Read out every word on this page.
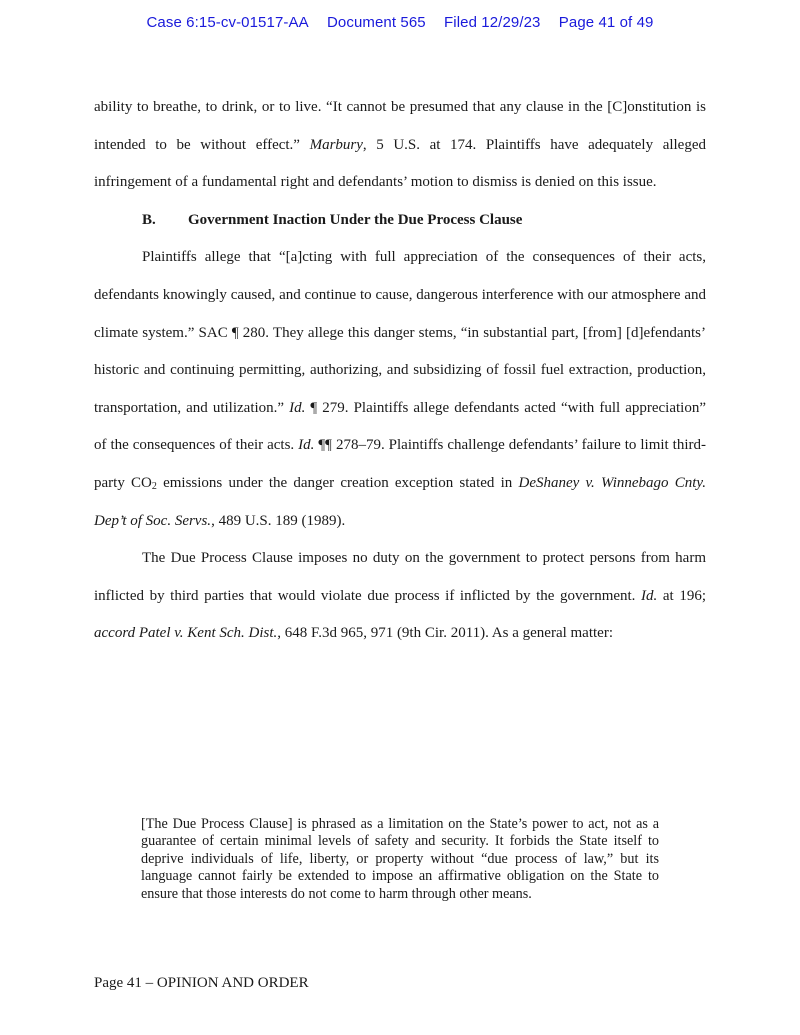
Case 6:15-cv-01517-AA Document 565 Filed 12/29/23 Page 41 of 49

ability to breathe, to drink, or to live. “It cannot be presumed that any clause in the [C]onstitution is intended to be without effect.” Marbury, 5 U.S. at 174. Plaintiffs have adequately alleged infringement of a fundamental right and defendants’ motion to dismiss is denied on this issue.

B. Government Inaction Under the Due Process Clause

Plaintiffs allege that “[a]cting with full appreciation of the consequences of their acts, defendants knowingly caused, and continue to cause, dangerous interference with our atmosphere and climate system.” SAC ¶ 280. They allege this danger stems, “in substantial part, [from] [d]efendants’ historic and continuing permitting, authorizing, and subsidizing of fossil fuel extraction, production, transportation, and utilization.” Id. ¶ 279. Plaintiffs allege defendants acted “with full appreciation” of the consequences of their acts. Id. ¶¶ 278–79. Plaintiffs challenge defendants’ failure to limit third-party $CO_2$ emissions under the danger creation exception stated in DeShaney v. Winnebago Cnty. Dep’t of Soc. Servs., 489 U.S. 189 (1989).

The Due Process Clause imposes no duty on the government to protect persons from harm inflicted by third parties that would violate due process if inflicted by the government. Id. at 196; accord Patel v. Kent Sch. Dist., 648 F.3d 965, 971 (9th Cir. 2011). As a general matter:

[The Due Process Clause] is phrased as a limitation on the State’s power to act, not as a guarantee of certain minimal levels of safety and security. It forbids the State itself to deprive individuals of life, liberty, or property without “due process of law,” but its language cannot fairly be extended to impose an affirmative obligation on the State to ensure that those interests do not come to harm through other means.

Page 41 – OPINION AND ORDER
